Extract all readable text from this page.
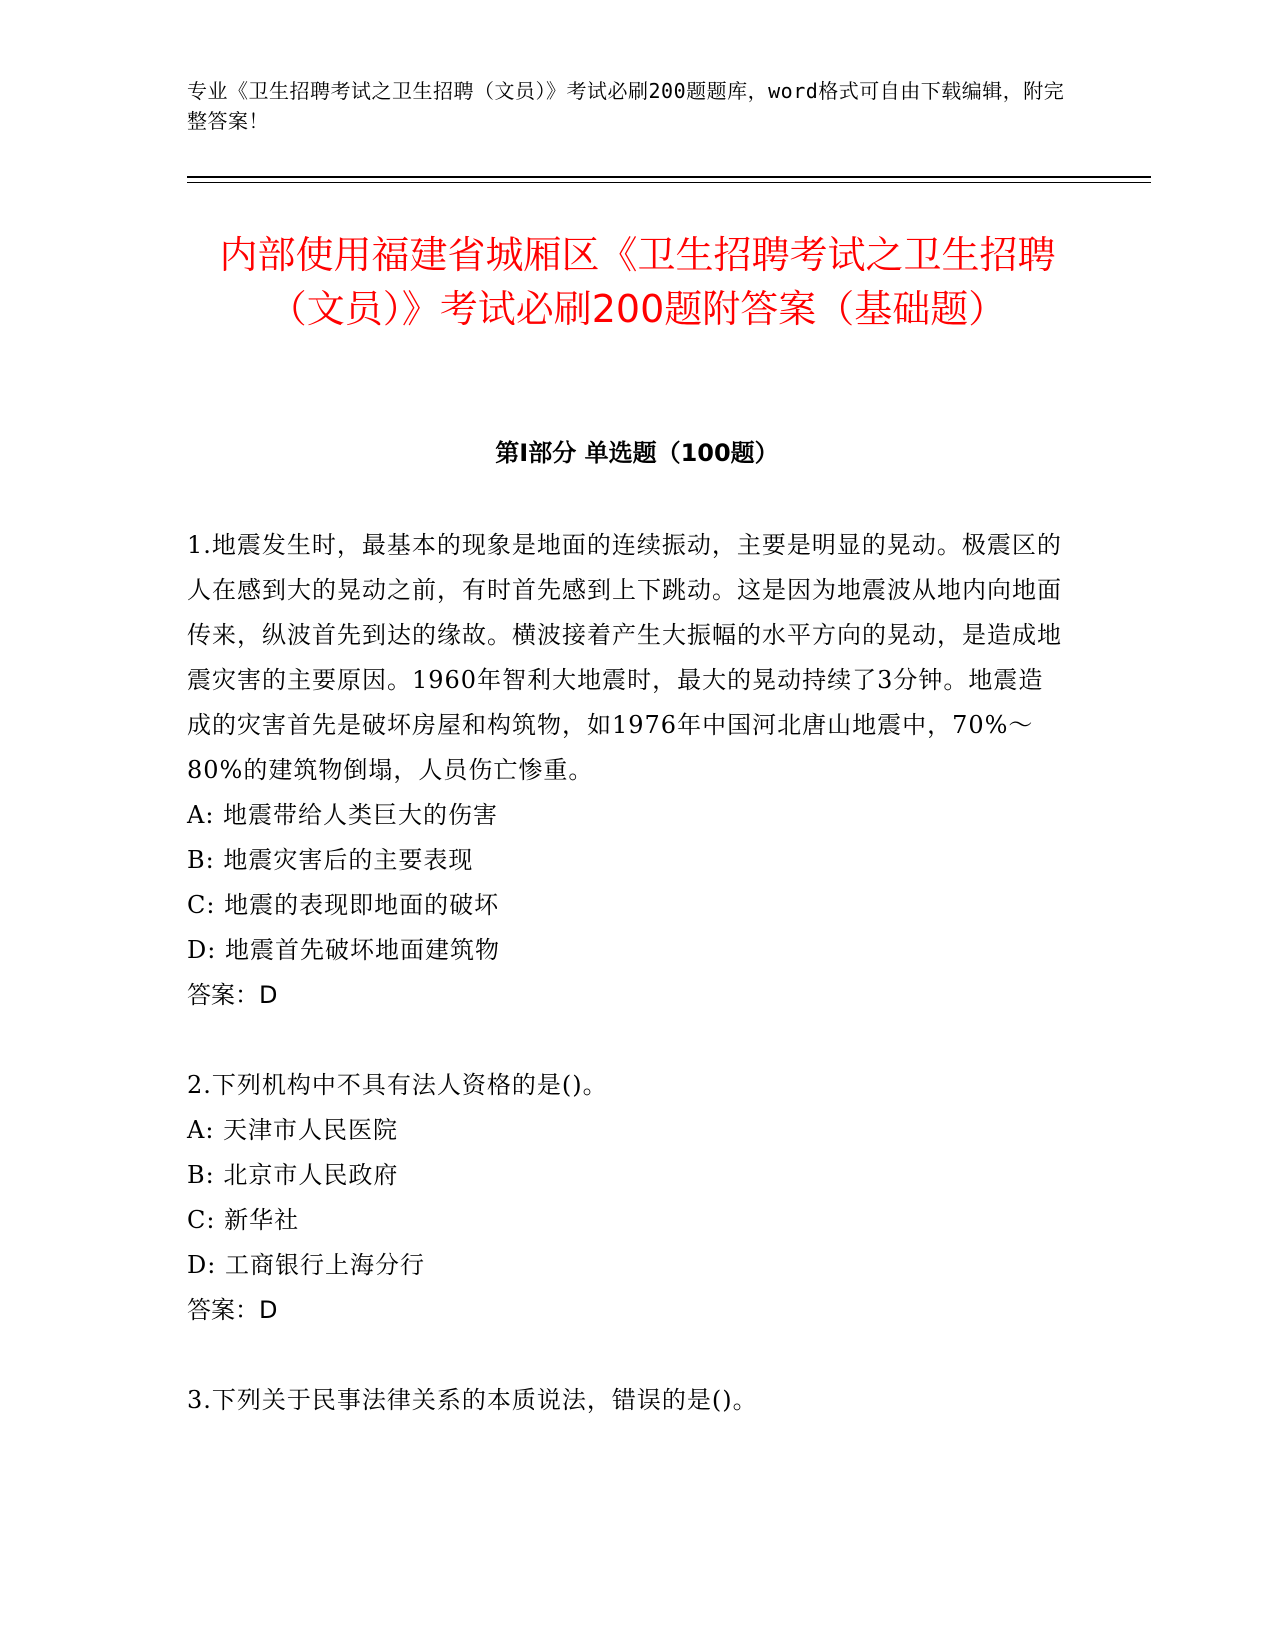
专业《卫生招聘考试之卫生招聘（文员）》考试必刷200题题库，word格式可自由下载编辑，附完整答案！
内部使用福建省城厢区《卫生招聘考试之卫生招聘（文员）》考试必刷200题附答案（基础题）
第I部分 单选题（100题）

1.地震发生时，最基本的现象是地面的连续振动，主要是明显的晃动。极震区的人在感到大的晃动之前，有时首先感到上下跳动。这是因为地震波从地内向地面传来，纵波首先到达的缘故。横波接着产生大振幅的水平方向的晃动，是造成地震灾害的主要原因。1960年智利大地震时，最大的晃动持续了3分钟。地震造成的灾害首先是破坏房屋和构筑物，如1976年中国河北唐山地震中，70%～80%的建筑物倒塌，人员伤亡惨重。

A: 地震带给人类巨大的伤害

B: 地震灾害后的主要表现

C: 地震的表现即地面的破坏

D: 地震首先破坏地面建筑物

答案：D

2.下列机构中不具有法人资格的是()。

A: 天津市人民医院

B: 北京市人民政府

C: 新华社

D: 工商银行上海分行

答案：D

3.下列关于民事法律关系的本质说法，错误的是()。
